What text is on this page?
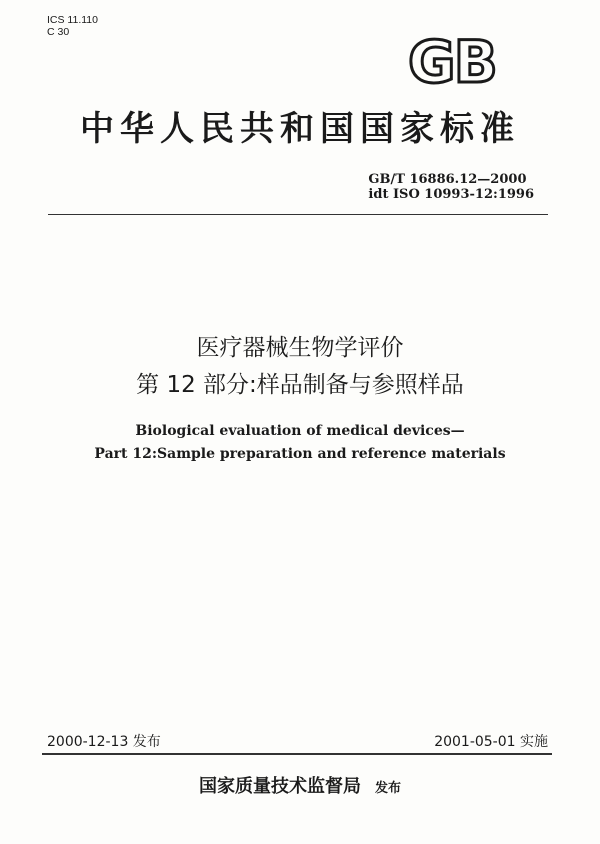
ICS 11.110
C 30	GB
中华人民共和国国家标准
GB/T 16886.12—2000
idt ISO 10993-12:1996
医疗器械生物学评价
第 12 部分:样品制备与参照样品
Biological evaluation of medical devices—
Part 12:Sample preparation and reference materials
2000-12-13 发布	2001-05-01 实施
国家质量技术监督局 发布
